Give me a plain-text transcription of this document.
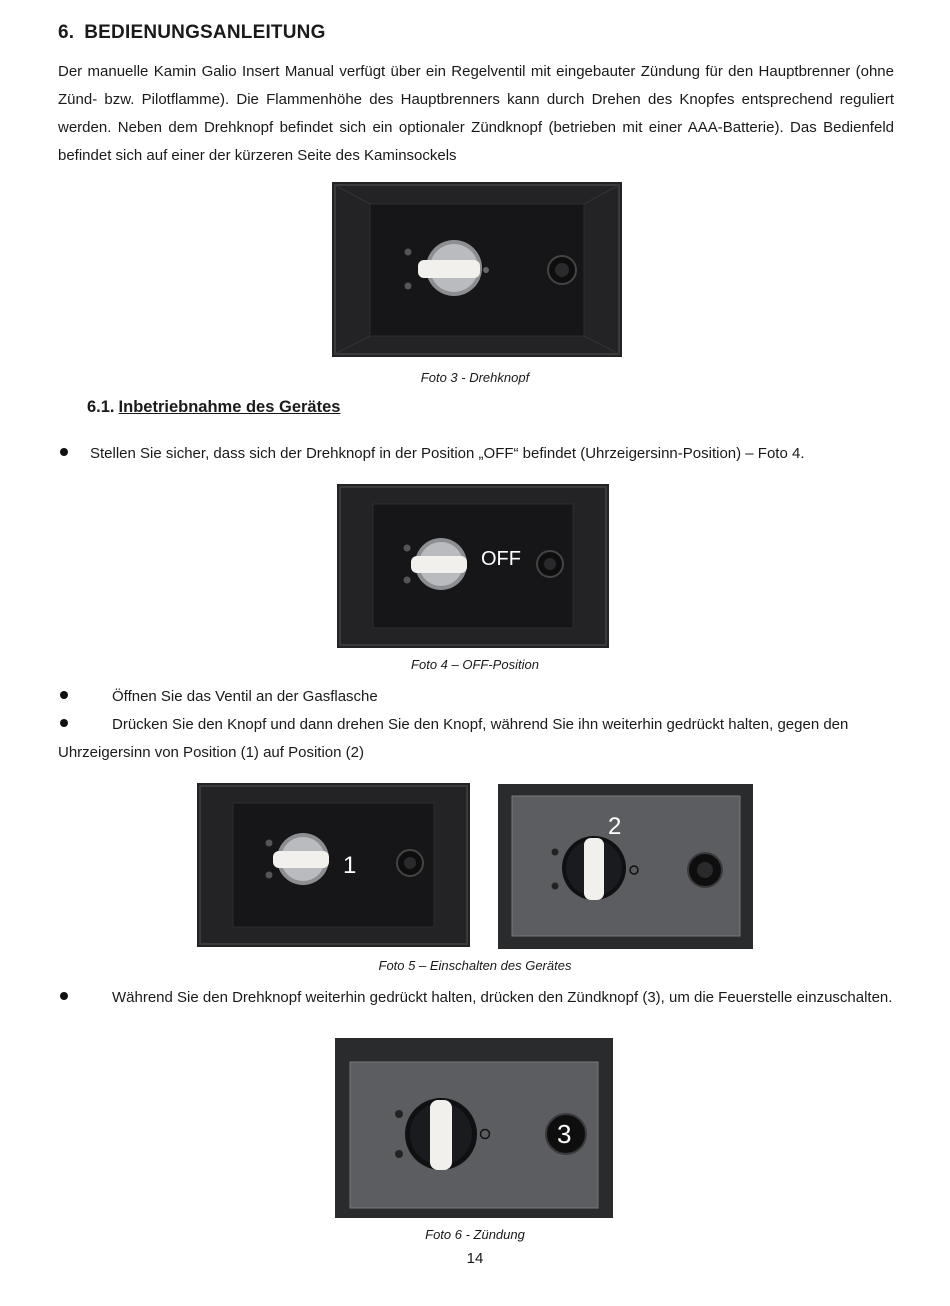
6. BEDIENUNGSANLEITUNG
Der manuelle Kamin Galio Insert Manual verfügt über ein Regelventil mit eingebauter Zündung für den Hauptbrenner (ohne Zünd- bzw. Pilotflamme). Die Flammenhöhe des Hauptbrenners kann durch Drehen des Knopfes entsprechend reguliert werden. Neben dem Drehknopf befindet sich ein optionaler Zündknopf (betrieben mit einer AAA-Batterie). Das Bedienfeld befindet sich auf einer der kürzeren Seite des Kaminsockels
Foto 3 - Drehknopf
6.1. Inbetriebnahme des Gerätes
Stellen Sie sicher, dass sich der Drehknopf in der Position „OFF“ befindet (Uhrzeigersinn-Position) – Foto 4.
OFF
Foto 4 – OFF-Position
Öffnen Sie das Ventil an der Gasflasche
Drücken Sie den Knopf und dann drehen Sie den Knopf, während Sie ihn weiterhin gedrückt halten, gegen den Uhrzeigersinn von Position (1) auf Position (2)
1
2
Foto 5 – Einschalten des Gerätes
Während Sie den Drehknopf weiterhin gedrückt halten, drücken den Zündknopf (3), um die Feuerstelle einzuschalten.
3
Foto 6 - Zündung
14
